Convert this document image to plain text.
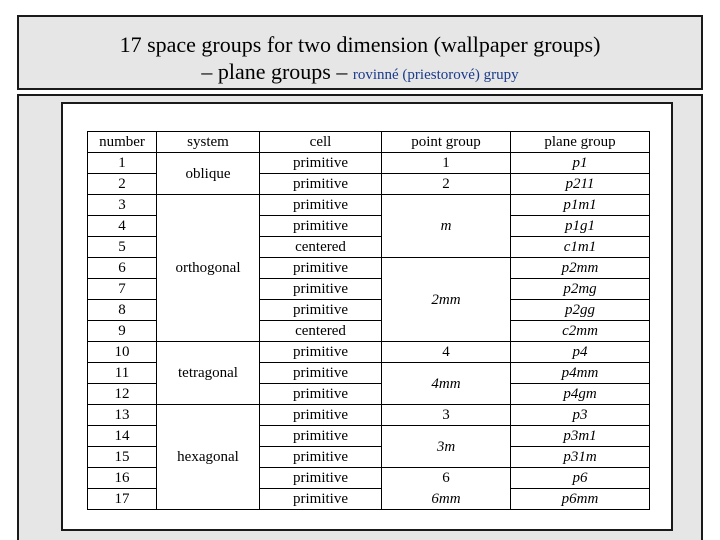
17 space groups for two dimension (wallpaper groups)
– plane groups – rovinné (priestorové) grupy
number	system	cell	point group	plane group
1	oblique	primitive	1	p1
2		primitive	2	p211
3	orthogonal	primitive	m	p1m1
4		primitive		p1g1
5		centered		c1m1
6		primitive	2mm	p2mm
7		primitive		p2mg
8		primitive		p2gg
9		centered		c2mm
10	tetragonal	primitive	4	p4
11		primitive	4mm	p4mm
12		primitive		p4gm
13	hexagonal	primitive	3	p3
14		primitive	3m	p3m1
15		primitive		p31m
16		primitive	6	p6
17		primitive	6mm	p6mm
